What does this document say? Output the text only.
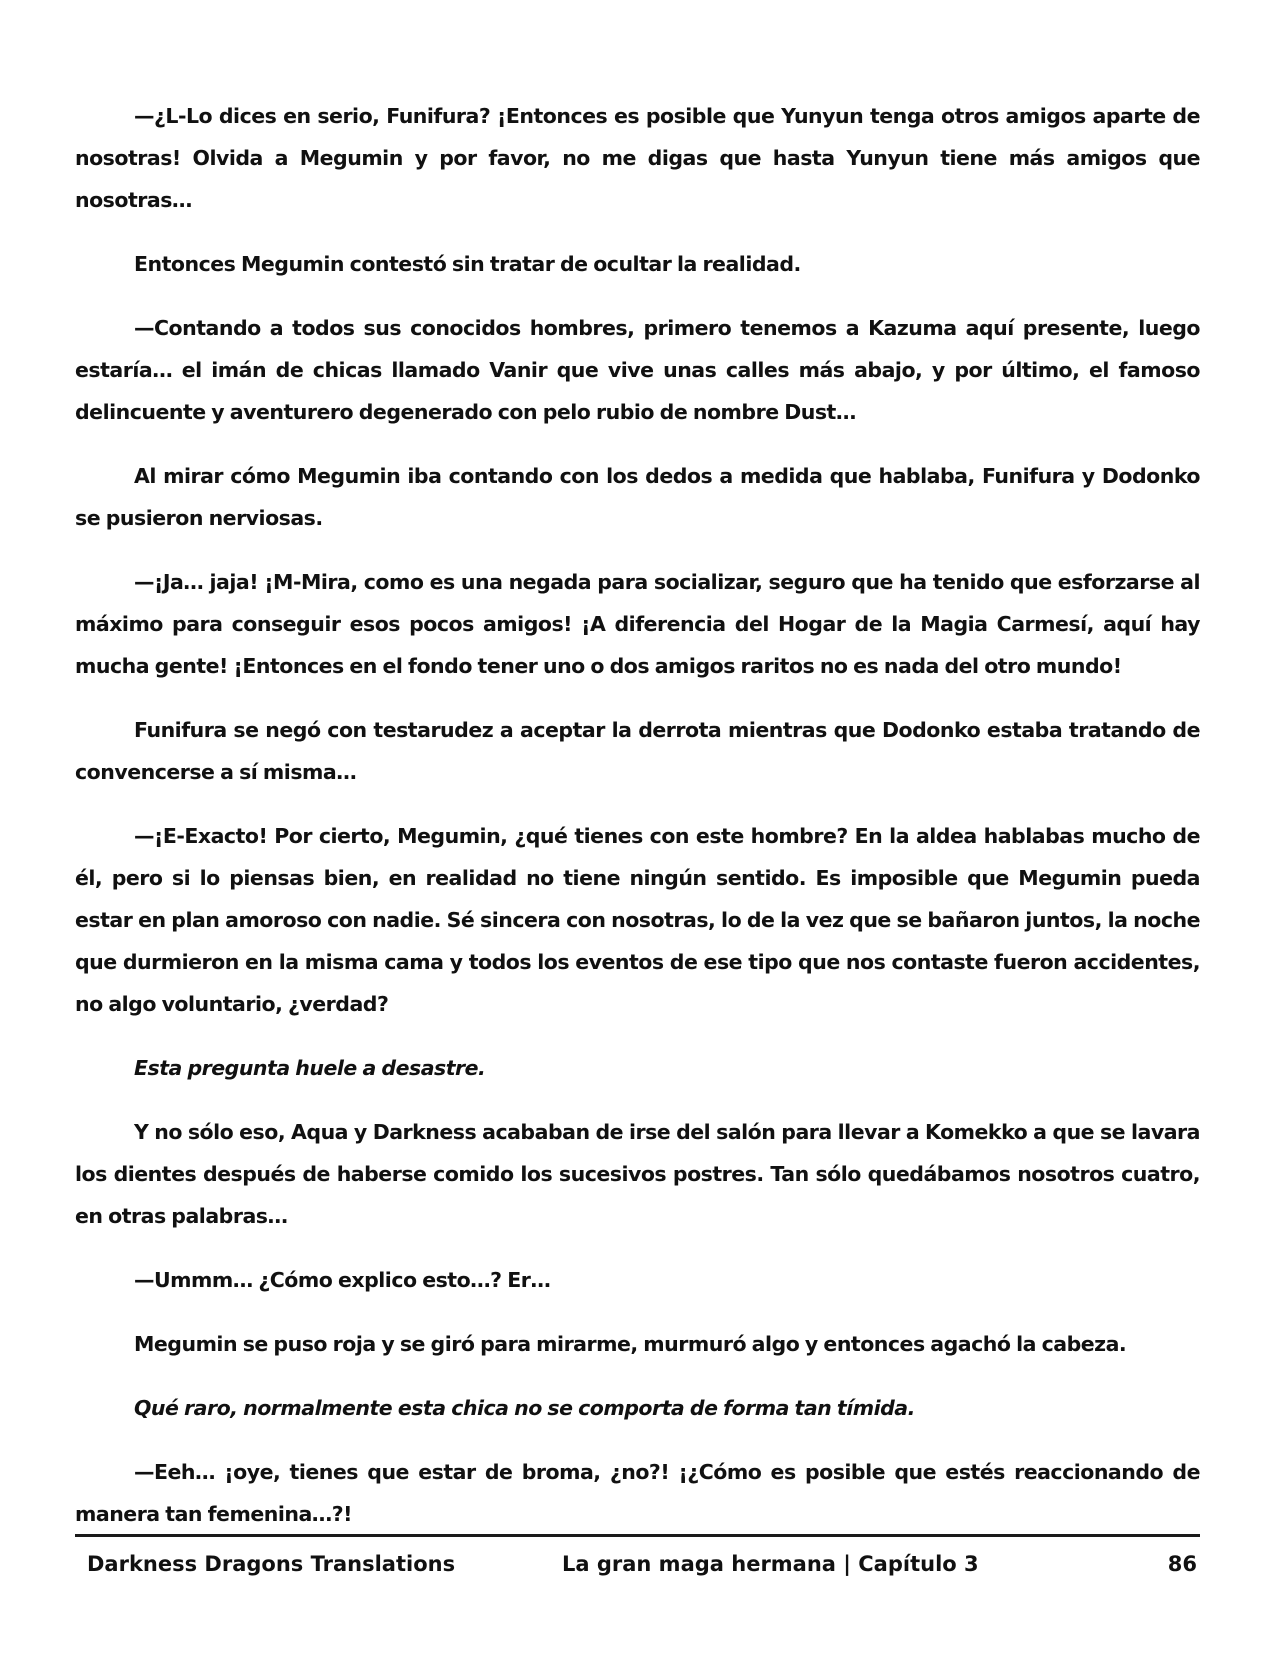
—¿L-Lo dices en serio, Funifura? ¡Entonces es posible que Yunyun tenga otros amigos aparte de nosotras! Olvida a Megumin y por favor, no me digas que hasta Yunyun tiene más amigos que nosotras…

Entonces Megumin contestó sin tratar de ocultar la realidad.

—Contando a todos sus conocidos hombres, primero tenemos a Kazuma aquí presente, luego estaría… el imán de chicas llamado Vanir que vive unas calles más abajo, y por último, el famoso delincuente y aventurero degenerado con pelo rubio de nombre Dust…

Al mirar cómo Megumin iba contando con los dedos a medida que hablaba, Funifura y Dodonko se pusieron nerviosas.

—¡Ja… jaja! ¡M-Mira, como es una negada para socializar, seguro que ha tenido que esforzarse al máximo para conseguir esos pocos amigos! ¡A diferencia del Hogar de la Magia Carmesí, aquí hay mucha gente! ¡Entonces en el fondo tener uno o dos amigos raritos no es nada del otro mundo!

Funifura se negó con testarudez a aceptar la derrota mientras que Dodonko estaba tratando de convencerse a sí misma…

—¡E-Exacto! Por cierto, Megumin, ¿qué tienes con este hombre? En la aldea hablabas mucho de él, pero si lo piensas bien, en realidad no tiene ningún sentido. Es imposible que Megumin pueda estar en plan amoroso con nadie. Sé sincera con nosotras, lo de la vez que se bañaron juntos, la noche que durmieron en la misma cama y todos los eventos de ese tipo que nos contaste fueron accidentes, no algo voluntario, ¿verdad?

Esta pregunta huele a desastre.

Y no sólo eso, Aqua y Darkness acababan de irse del salón para llevar a Komekko a que se lavara los dientes después de haberse comido los sucesivos postres. Tan sólo quedábamos nosotros cuatro, en otras palabras…

—Ummm… ¿Cómo explico esto…? Er…

Megumin se puso roja y se giró para mirarme, murmuró algo y entonces agachó la cabeza.

Qué raro, normalmente esta chica no se comporta de forma tan tímida.

—Eeh… ¡oye, tienes que estar de broma, ¿no?! ¡¿Cómo es posible que estés reaccionando de manera tan femenina…?!

Darkness Dragons Translations	La gran maga hermana | Capítulo 3	86
